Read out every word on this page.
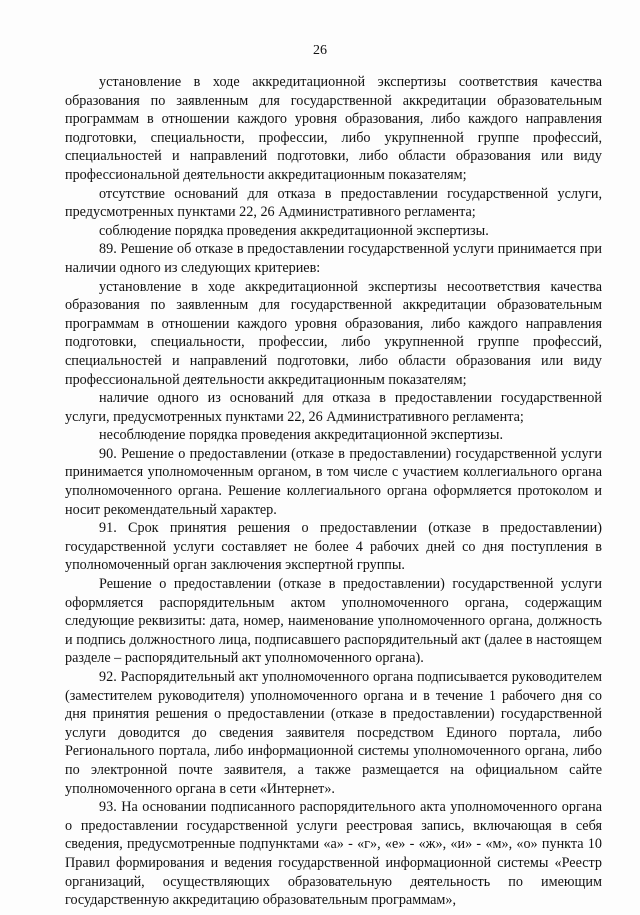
26

установление в ходе аккредитационной экспертизы соответствия качества образования по заявленным для государственной аккредитации образовательным программам в отношении каждого уровня образования, либо каждого направления подготовки, специальности, профессии, либо укрупненной группе профессий, специальностей и направлений подготовки, либо области образования или виду профессиональной деятельности аккредитационным показателям;

отсутствие оснований для отказа в предоставлении государственной услуги, предусмотренных пунктами 22, 26 Административного регламента;

соблюдение порядка проведения аккредитационной экспертизы.

89. Решение об отказе в предоставлении государственной услуги принимается при наличии одного из следующих критериев:

установление в ходе аккредитационной экспертизы несоответствия качества образования по заявленным для государственной аккредитации образовательным программам в отношении каждого уровня образования, либо каждого направления подготовки, специальности, профессии, либо укрупненной группе профессий, специальностей и направлений подготовки, либо области образования или виду профессиональной деятельности аккредитационным показателям;

наличие одного из оснований для отказа в предоставлении государственной услуги, предусмотренных пунктами 22, 26 Административного регламента;

несоблюдение порядка проведения аккредитационной экспертизы.

90. Решение о предоставлении (отказе в предоставлении) государственной услуги принимается уполномоченным органом, в том числе с участием коллегиального органа уполномоченного органа. Решение коллегиального органа оформляется протоколом и носит рекомендательный характер.

91. Срок принятия решения о предоставлении (отказе в предоставлении) государственной услуги составляет не более 4 рабочих дней со дня поступления в уполномоченный орган заключения экспертной группы.

Решение о предоставлении (отказе в предоставлении) государственной услуги оформляется распорядительным актом уполномоченного органа, содержащим следующие реквизиты: дата, номер, наименование уполномоченного органа, должность и подпись должностного лица, подписавшего распорядительный акт (далее в настоящем разделе – распорядительный акт уполномоченного органа).

92. Распорядительный акт уполномоченного органа подписывается руководителем (заместителем руководителя) уполномоченного органа и в течение 1 рабочего дня со дня принятия решения о предоставлении (отказе в предоставлении) государственной услуги доводится до сведения заявителя посредством Единого портала, либо Регионального портала, либо информационной системы уполномоченного органа, либо по электронной почте заявителя, а также размещается на официальном сайте уполномоченного органа в сети «Интернет».

93. На основании подписанного распорядительного акта уполномоченного органа о предоставлении государственной услуги реестровая запись, включающая в себя сведения, предусмотренные подпунктами «а» - «г», «е» - «ж», «и» - «м», «о» пункта 10 Правил формирования и ведения государственной информационной системы «Реестр организаций, осуществляющих образовательную деятельность по имеющим государственную аккредитацию образовательным программам»,
